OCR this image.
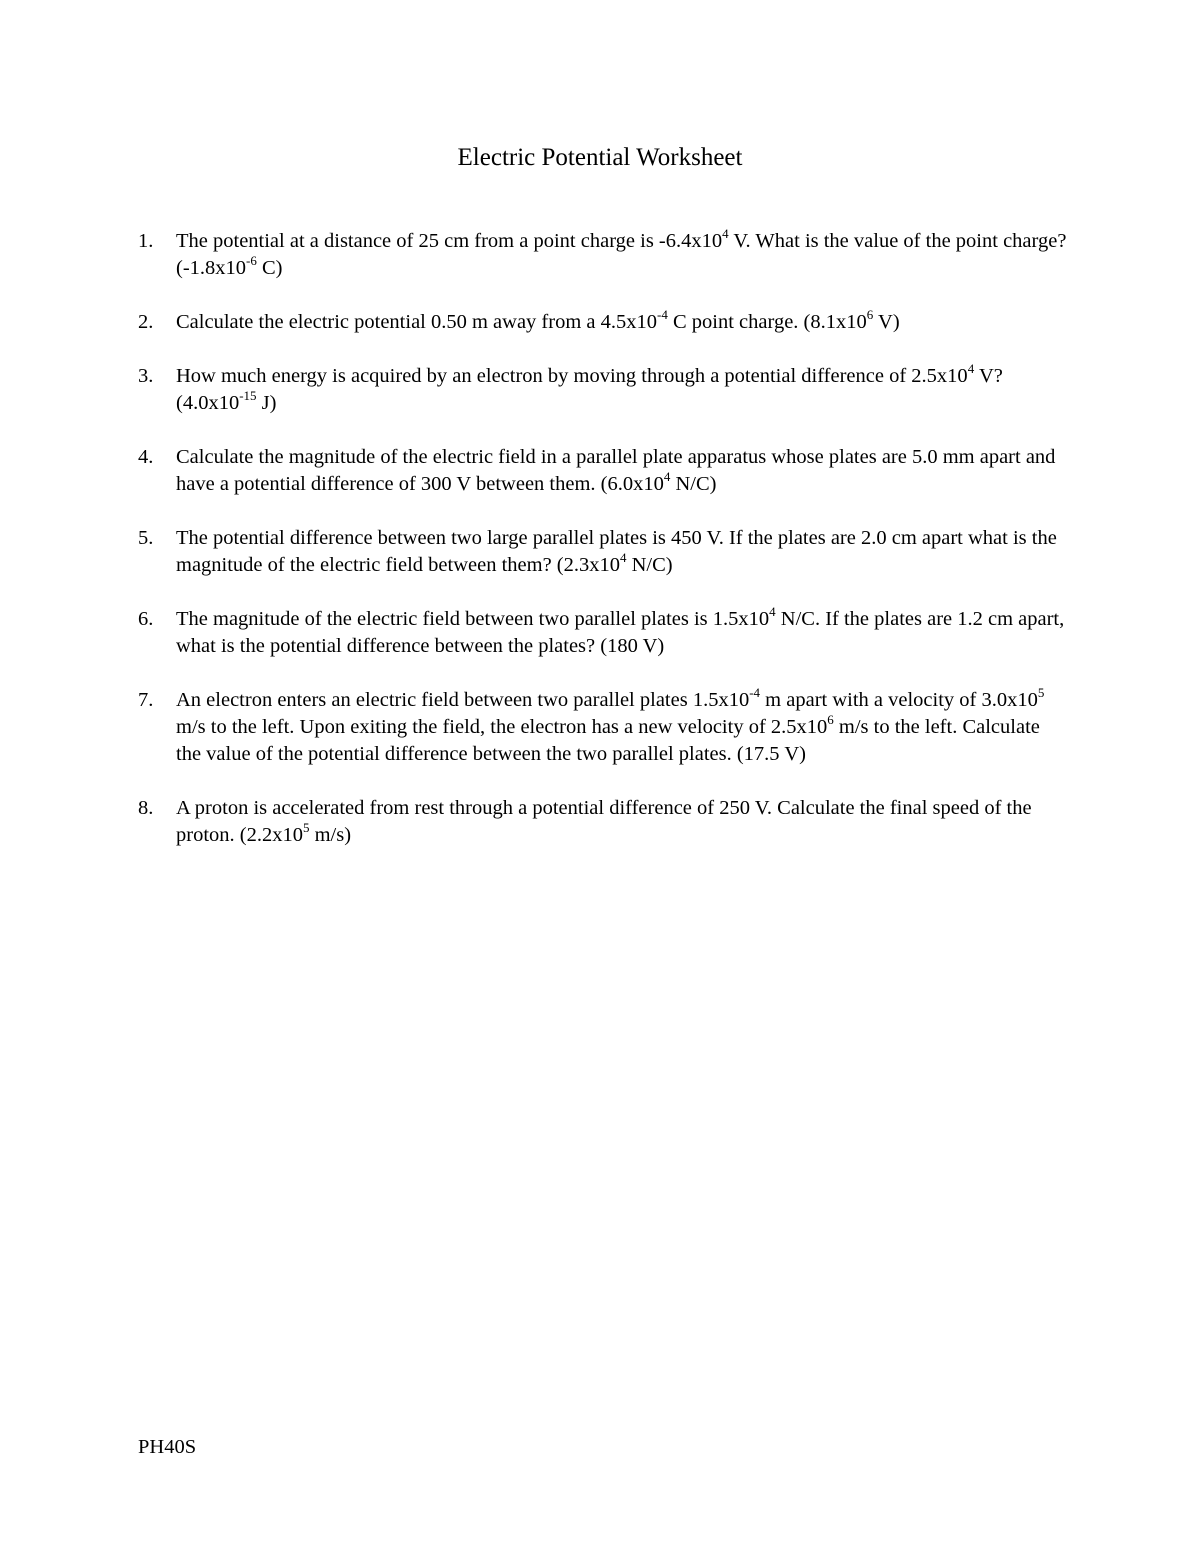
Electric Potential Worksheet
1.	The potential at a distance of 25 cm from a point charge is $-6.4x10^4$ V. What is the value of the point charge? ($-1.8x10^{-6}$ C)
2.	Calculate the electric potential 0.50 m away from a $4.5x10^{-4}$ C point charge. ($8.1x10^6$ V)
3.	How much energy is acquired by an electron by moving through a potential difference of $2.5x10^4$ V? ($4.0x10^{-15}$ J)
4.	Calculate the magnitude of the electric field in a parallel plate apparatus whose plates are 5.0 mm apart and have a potential difference of 300 V between them. ($6.0x10^4$ N/C)
5.	The potential difference between two large parallel plates is 450 V. If the plates are 2.0 cm apart what is the magnitude of the electric field between them? ($2.3x10^4$ N/C)
6.	The magnitude of the electric field between two parallel plates is $1.5x10^4$ N/C. If the plates are 1.2 cm apart, what is the potential difference between the plates? (180 V)
7.	An electron enters an electric field between two parallel plates $1.5x10^{-4}$ m apart with a velocity of $3.0x10^5$ m/s to the left. Upon exiting the field, the electron has a new velocity of $2.5x10^6$ m/s to the left. Calculate the value of the potential difference between the two parallel plates. (17.5 V)
8.	A proton is accelerated from rest through a potential difference of 250 V. Calculate the final speed of the proton. ($2.2x10^5$ m/s)
PH40S
